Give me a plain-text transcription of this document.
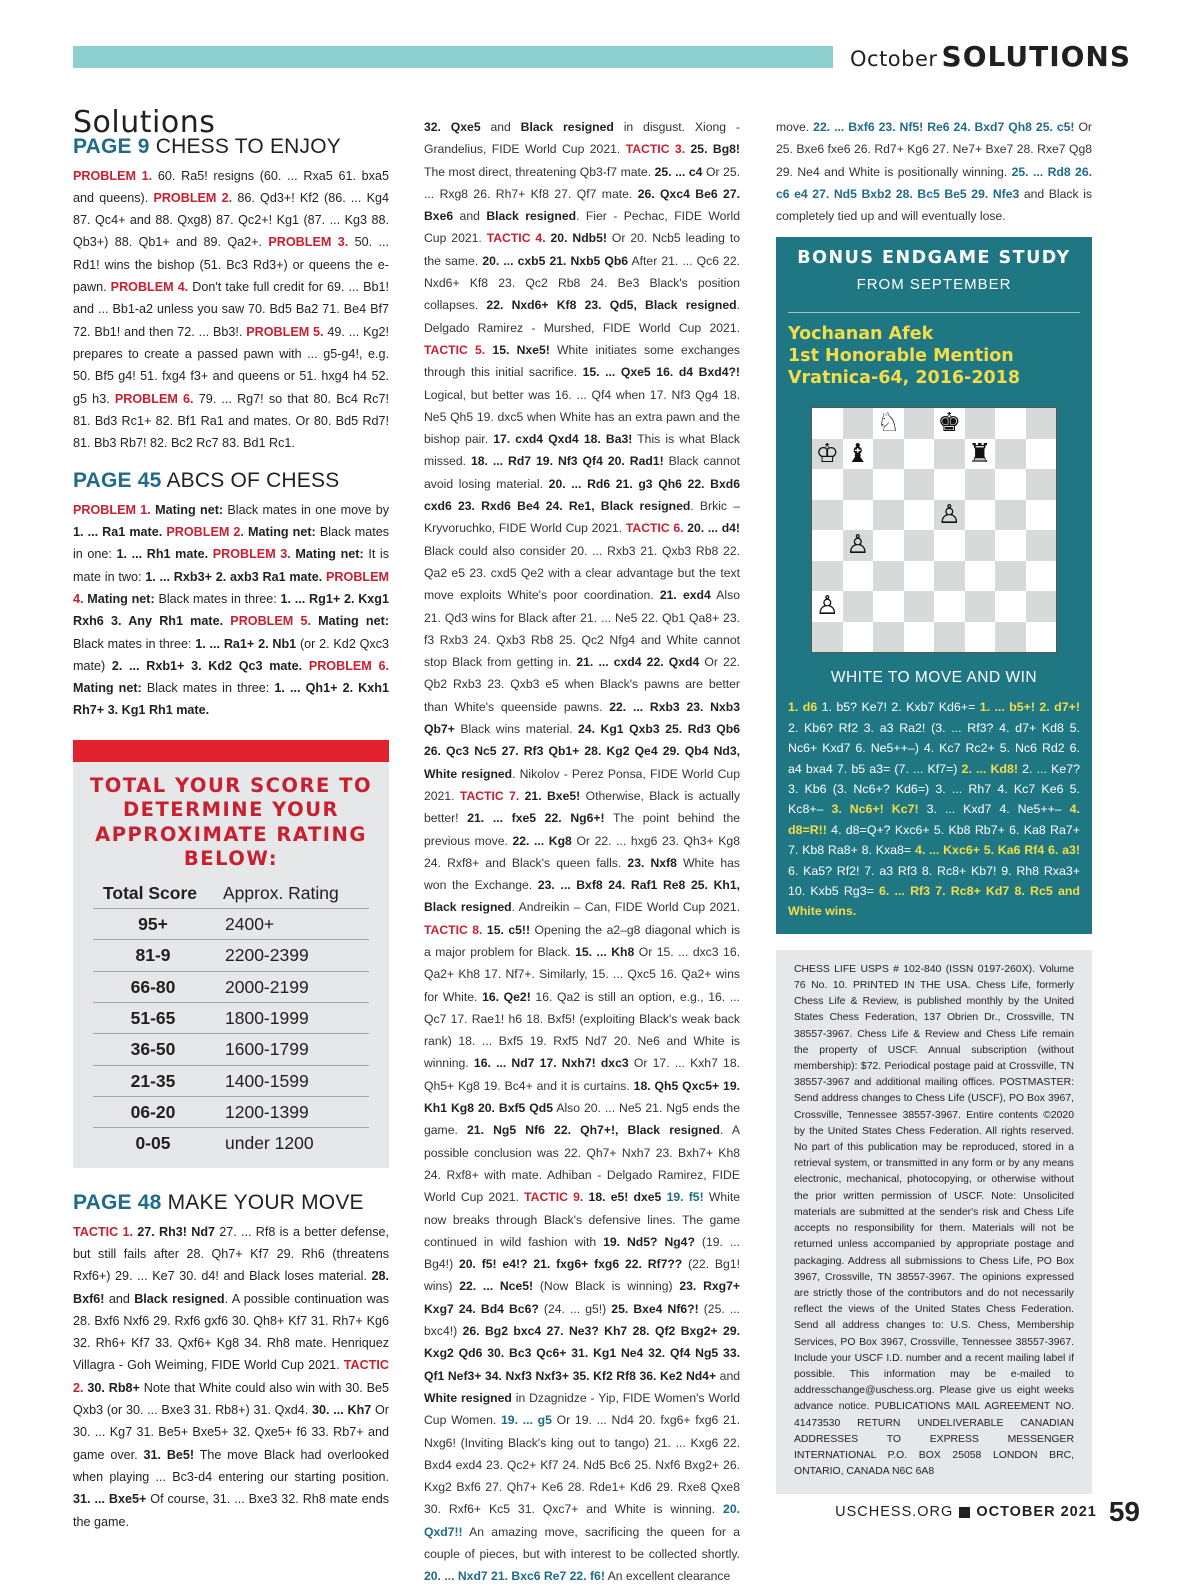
October SOLUTIONS
Solutions
PAGE 9 CHESS TO ENJOY

PROBLEM 1. 60. Ra5! resigns (60. ... Rxa5 61. bxa5 and queens). PROBLEM 2. 86. Qd3+! Kf2 (86. ... Kg4 87. Qc4+ and 88. Qxg8) 87. Qc2+! Kg1 (87. ... Kg3 88. Qb3+) 88. Qb1+ and 89. Qa2+. PROBLEM 3. 50. ... Rd1! wins the bishop (51. Bc3 Rd3+) or queens the e-pawn. PROBLEM 4. Don't take full credit for 69. ... Bb1! and ... Bb1-a2 unless you saw 70. Bd5 Ba2 71. Be4 Bf7 72. Bb1! and then 72. ... Bb3!. PROBLEM 5. 49. ... Kg2! prepares to create a passed pawn with ... g5-g4!, e.g. 50. Bf5 g4! 51. fxg4 f3+ and queens or 51. hxg4 h4 52. g5 h3. PROBLEM 6. 79. ... Rg7! so that 80. Bc4 Rc7! 81. Bd3 Rc1+ 82. Bf1 Ra1 and mates. Or 80. Bd5 Rd7! 81. Bb3 Rb7! 82. Bc2 Rc7 83. Bd1 Rc1.

PAGE 45 ABCS OF CHESS

PROBLEM 1. Mating net: Black mates in one move by 1. ... Ra1 mate. PROBLEM 2. Mating net: Black mates in one: 1. ... Rh1 mate. PROBLEM 3. Mating net: It is mate in two: 1. ... Rxb3+ 2. axb3 Ra1 mate. PROBLEM 4. Mating net: Black mates in three: 1. ... Rg1+ 2. Kxg1 Rxh6 3. Any Rh1 mate. PROBLEM 5. Mating net: Black mates in three: 1. ... Ra1+ 2. Nb1 (or 2. Kd2 Qxc3 mate) 2. ... Rxb1+ 3. Kd2 Qc3 mate. PROBLEM 6. Mating net: Black mates in three: 1. ... Qh1+ 2. Kxh1 Rh7+ 3. Kg1 Rh1 mate.

TOTAL YOUR SCORE TO DETERMINE YOUR APPROXIMATE RATING BELOW:
Total Score	Approx. Rating
95+	2400+
81-9	2200-2399
66-80	2000-2199
51-65	1800-1999
36-50	1600-1799
21-35	1400-1599
06-20	1200-1399
0-05	under 1200
PAGE 48 MAKE YOUR MOVE

TACTIC 1. 27. Rh3! Nd7 27. ... Rf8 is a better defense, but still fails after 28. Qh7+ Kf7 29. Rh6 (threatens Rxf6+) 29. ... Ke7 30. d4! and Black loses material. 28. Bxf6! and Black resigned. A possible continuation was 28. Bxf6 Nxf6 29. Rxf6 gxf6 30. Qh8+ Kf7 31. Rh7+ Kg6 32. Rh6+ Kf7 33. Qxf6+ Kg8 34. Rh8 mate. Henriquez Villagra - Goh Weiming, FIDE World Cup 2021. TACTIC 2. 30. Rb8+ Note that White could also win with 30. Be5 Qxb3 (or 30. ... Bxe3 31. Rb8+) 31. Qxd4. 30. ... Kh7 Or 30. ... Kg7 31. Be5+ Bxe5+ 32. Qxe5+ f6 33. Rb7+ and game over. 31. Be5! The move Black had overlooked when playing ... Bc3-d4 entering our starting position. 31. ... Bxe5+ Of course, 31. ... Bxe3 32. Rh8 mate ends the game.

32. Qxe5 and Black resigned in disgust. Xiong - Grandelius, FIDE World Cup 2021. TACTIC 3. 25. Bg8! The most direct, threatening Qb3-f7 mate. 25. ... c4 Or 25. ... Rxg8 26. Rh7+ Kf8 27. Qf7 mate. 26. Qxc4 Be6 27. Bxe6 and Black resigned. Fier - Pechac, FIDE World Cup 2021. TACTIC 4. 20. Ndb5! Or 20. Ncb5 leading to the same. 20. ... cxb5 21. Nxb5 Qb6 After 21. ... Qc6 22. Nxd6+ Kf8 23. Qc2 Rb8 24. Be3 Black's position collapses. 22. Nxd6+ Kf8 23. Qd5, Black resigned. Delgado Ramirez - Murshed, FIDE World Cup 2021. TACTIC 5. 15. Nxe5! White initiates some exchanges through this initial sacrifice. 15. ... Qxe5 16. d4 Bxd4?! Logical, but better was 16. ... Qf4 when 17. Nf3 Qg4 18. Ne5 Qh5 19. dxc5 when White has an extra pawn and the bishop pair. 17. cxd4 Qxd4 18. Ba3! This is what Black missed. 18. ... Rd7 19. Nf3 Qf4 20. Rad1! Black cannot avoid losing material. 20. ... Rd6 21. g3 Qh6 22. Bxd6 cxd6 23. Rxd6 Be4 24. Re1, Black resigned. Brkic – Kryvoruchko, FIDE World Cup 2021. TACTIC 6. 20. ... d4! Black could also consider 20. ... Rxb3 21. Qxb3 Rb8 22. Qa2 e5 23. cxd5 Qe2 with a clear advantage but the text move exploits White's poor coordination. 21. exd4 Also 21. Qd3 wins for Black after 21. ... Ne5 22. Qb1 Qa8+ 23. f3 Rxb3 24. Qxb3 Rb8 25. Qc2 Nfg4 and White cannot stop Black from getting in. 21. ... cxd4 22. Qxd4 Or 22. Qb2 Rxb3 23. Qxb3 e5 when Black's pawns are better than White's queenside pawns. 22. ... Rxb3 23. Nxb3 Qb7+ Black wins material. 24. Kg1 Qxb3 25. Rd3 Qb6 26. Qc3 Nc5 27. Rf3 Qb1+ 28. Kg2 Qe4 29. Qb4 Nd3, White resigned. Nikolov - Perez Ponsa, FIDE World Cup 2021. TACTIC 7. 21. Bxe5! Otherwise, Black is actually better! 21. ... fxe5 22. Ng6+! The point behind the previous move. 22. ... Kg8 Or 22. ... hxg6 23. Qh3+ Kg8 24. Rxf8+ and Black's queen falls. 23. Nxf8 White has won the Exchange. 23. ... Bxf8 24. Raf1 Re8 25. Kh1, Black resigned. Andreikin – Can, FIDE World Cup 2021. TACTIC 8. 15. c5!! Opening the a2–g8 diagonal which is a major problem for Black. 15. ... Kh8 Or 15. ... dxc3 16. Qa2+ Kh8 17. Nf7+. Similarly, 15. ... Qxc5 16. Qa2+ wins for White. 16. Qe2! 16. Qa2 is still an option, e.g., 16. ... Qc7 17. Rae1! h6 18. Bxf5! (exploiting Black's weak back rank) 18. ... Bxf5 19. Rxf5 Nd7 20. Ne6 and White is winning. 16. ... Nd7 17. Nxh7! dxc3 Or 17. ... Kxh7 18. Qh5+ Kg8 19. Bc4+ and it is curtains. 18. Qh5 Qxc5+ 19. Kh1 Kg8 20. Bxf5 Qd5 Also 20. ... Ne5 21. Ng5 ends the game. 21. Ng5 Nf6 22. Qh7+!, Black resigned. A possible conclusion was 22. Qh7+ Nxh7 23. Bxh7+ Kh8 24. Rxf8+ with mate. Adhiban - Delgado Ramirez, FIDE World Cup 2021. TACTIC 9. 18. e5! dxe5 19. f5! White now breaks through Black's defensive lines. The game continued in wild fashion with 19. Nd5? Ng4? (19. ... Bg4!) 20. f5! e4!? 21. fxg6+ fxg6 22. Rf7?? (22. Bg1! wins) 22. ... Nce5! (Now Black is winning) 23. Rxg7+ Kxg7 24. Bd4 Bc6? (24. ... g5!) 25. Bxe4 Nf6?! (25. ... bxc4!) 26. Bg2 bxc4 27. Ne3? Kh7 28. Qf2 Bxg2+ 29. Kxg2 Qd6 30. Bc3 Qc6+ 31. Kg1 Ne4 32. Qf4 Ng5 33. Qf1 Nef3+ 34. Nxf3 Nxf3+ 35. Kf2 Rf8 36. Ke2 Nd4+ and White resigned in Dzagnidze - Yip, FIDE Women's World Cup Women. 19. ... g5 Or 19. ... Nd4 20. fxg6+ fxg6 21. Nxg6! (Inviting Black's king out to tango) 21. ... Kxg6 22. Bxd4 exd4 23. Qc2+ Kf7 24. Nd5 Bc6 25. Nxf6 Bxg2+ 26. Kxg2 Bxf6 27. Qh7+ Ke6 28. Rde1+ Kd6 29. Rxe8 Qxe8 30. Rxf6+ Kc5 31. Qxc7+ and White is winning. 20. Qxd7!! An amazing move, sacrificing the queen for a couple of pieces, but with interest to be collected shortly. 20. ... Nxd7 21. Bxc6 Re7 22. f6! An excellent clearance

move. 22. ... Bxf6 23. Nf5! Re6 24. Bxd7 Qh8 25. c5! Or 25. Bxe6 fxe6 26. Rd7+ Kg6 27. Ne7+ Bxe7 28. Rxe7 Qg8 29. Ne4 and White is positionally winning. 25. ... Rd8 26. c6 e4 27. Nd5 Bxb2 28. Bc5 Be5 29. Nfe3 and Black is completely tied up and will eventually lose.

BONUS ENDGAME STUDY
FROM SEPTEMBER
Yochanan Afek
1st Honorable Mention
Vratnica-64, 2016-2018
♘ ♚
♔ ♝	♜
♙
♙
♙
WHITE TO MOVE AND WIN

1. d6 1. b5? Ke7! 2. Kxb7 Kd6+= 1. ... b5+! 2. d7+! 2. Kb6? Rf2 3. a3 Ra2! (3. ... Rf3? 4. d7+ Kd8 5. Nc6+ Kxd7 6. Ne5++–) 4. Kc7 Rc2+ 5. Nc6 Rd2 6. a4 bxa4 7. b5 a3= (7. ... Kf7=) 2. ... Kd8! 2. ... Ke7? 3. Kb6 (3. Nc6+? Kd6=) 3. ... Rh7 4. Kc7 Ke6 5. Kc8+– 3. Nc6+! Kc7! 3. ... Kxd7 4. Ne5++– 4. d8=R!! 4. d8=Q+? Kxc6+ 5. Kb8 Rb7+ 6. Ka8 Ra7+ 7. Kb8 Ra8+ 8. Kxa8= 4. ... Kxc6+ 5. Ka6 Rf4 6. a3! 6. Ka5? Rf2! 7. a3 Rf3 8. Rc8+ Kb7! 9. Rh8 Rxa3+ 10. Kxb5 Rg3= 6. ... Rf3 7. Rc8+ Kd7 8. Rc5 and White wins.

CHESS LIFE USPS # 102-840 (ISSN 0197-260X). Volume 76 No. 10. PRINTED IN THE USA. Chess Life, formerly Chess Life & Review, is published monthly by the United States Chess Federation, 137 Obrien Dr., Crossville, TN 38557-3967. Chess Life & Review and Chess Life remain the property of USCF. Annual subscription (without membership): $72. Periodical postage paid at Crossville, TN 38557-3967 and additional mailing offices. POSTMASTER: Send address changes to Chess Life (USCF), PO Box 3967, Crossville, Tennessee 38557-3967. Entire contents ©2020 by the United States Chess Federation. All rights reserved. No part of this publication may be reproduced, stored in a retrieval system, or transmitted in any form or by any means electronic, mechanical, photocopying, or otherwise without the prior written permission of USCF. Note: Unsolicited materials are submitted at the sender's risk and Chess Life accepts no responsibility for them. Materials will not be returned unless accompanied by appropriate postage and packaging. Address all submissions to Chess Life, PO Box 3967, Crossville, TN 38557-3967. The opinions expressed are strictly those of the contributors and do not necessarily reflect the views of the United States Chess Federation. Send all address changes to: U.S. Chess, Membership Services, PO Box 3967, Crossville, Tennessee 38557-3967. Include your USCF I.D. number and a recent mailing label if possible. This information may be e-mailed to addresschange@uschess.org. Please give us eight weeks advance notice. PUBLICATIONS MAIL AGREEMENT NO. 41473530 RETURN UNDELIVERABLE CANADIAN ADDRESSES TO EXPRESS MESSENGER INTERNATIONAL P.O. BOX 25058 LONDON BRC, ONTARIO, CANADA N6C 6A8
USCHESS.ORG OCTOBER 2021 59
